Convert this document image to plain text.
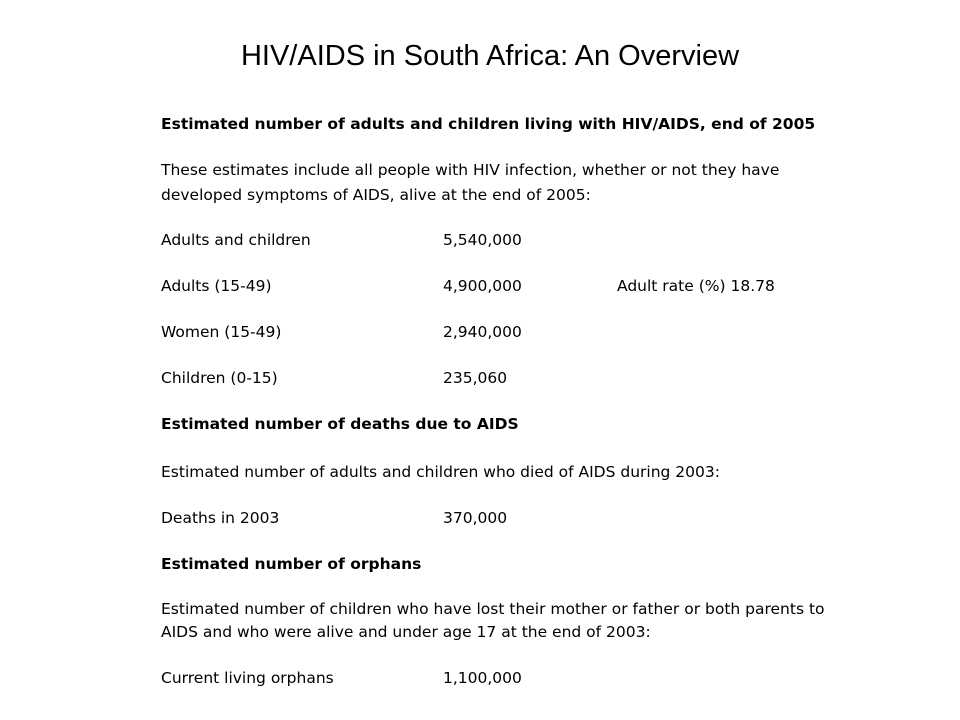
HIV/AIDS in South Africa: An Overview
Estimated number of adults and children living with HIV/AIDS, end of 2005
These estimates include all people with HIV infection, whether or not they have
developed symptoms of AIDS, alive at the end of 2005:
Adults and children	5,540,000
Adults (15-49)	4,900,000	Adult rate (%) 18.78
Women (15-49)	2,940,000
Children (0-15)	235,060
Estimated number of deaths due to AIDS
Estimated number of adults and children who died of AIDS during 2003:
Deaths in 2003	370,000
Estimated number of orphans
Estimated number of children who have lost their mother or father or both parents to
AIDS and who were alive and under age 17 at the end of 2003:
Current living orphans	1,100,000
